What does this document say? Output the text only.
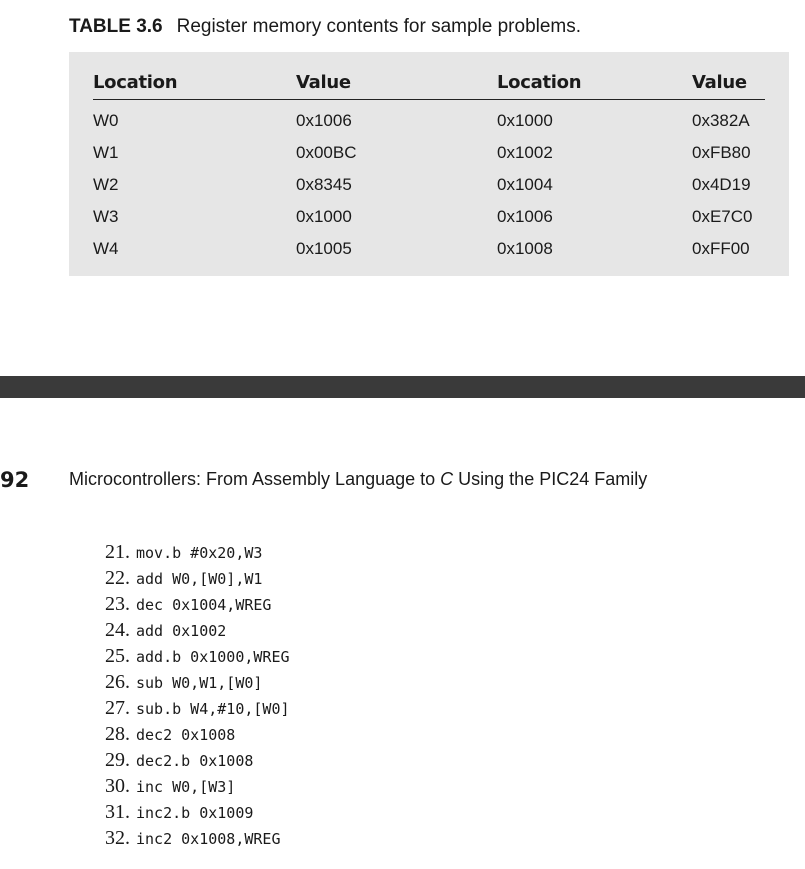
TABLE 3.6 Register memory contents for sample problems.
Location	Value	Location	Value
W0	0x1006	0x1000	0x382A
W1	0x00BC	0x1002	0xFB80
W2	0x8345	0x1004	0x4D19
W3	0x1000	0x1006	0xE7C0
W4	0x1005	0x1008	0xFF00
92 Microcontrollers: From Assembly Language to C Using the PIC24 Family
21. mov.b #0x20,W3
22. add W0,[W0],W1
23. dec 0x1004,WREG
24. add 0x1002
25. add.b 0x1000,WREG
26. sub W0,W1,[W0]
27. sub.b W4,#10,[W0]
28. dec2 0x1008
29. dec2.b 0x1008
30. inc W0,[W3]
31. inc2.b 0x1009
32. inc2 0x1008,WREG
